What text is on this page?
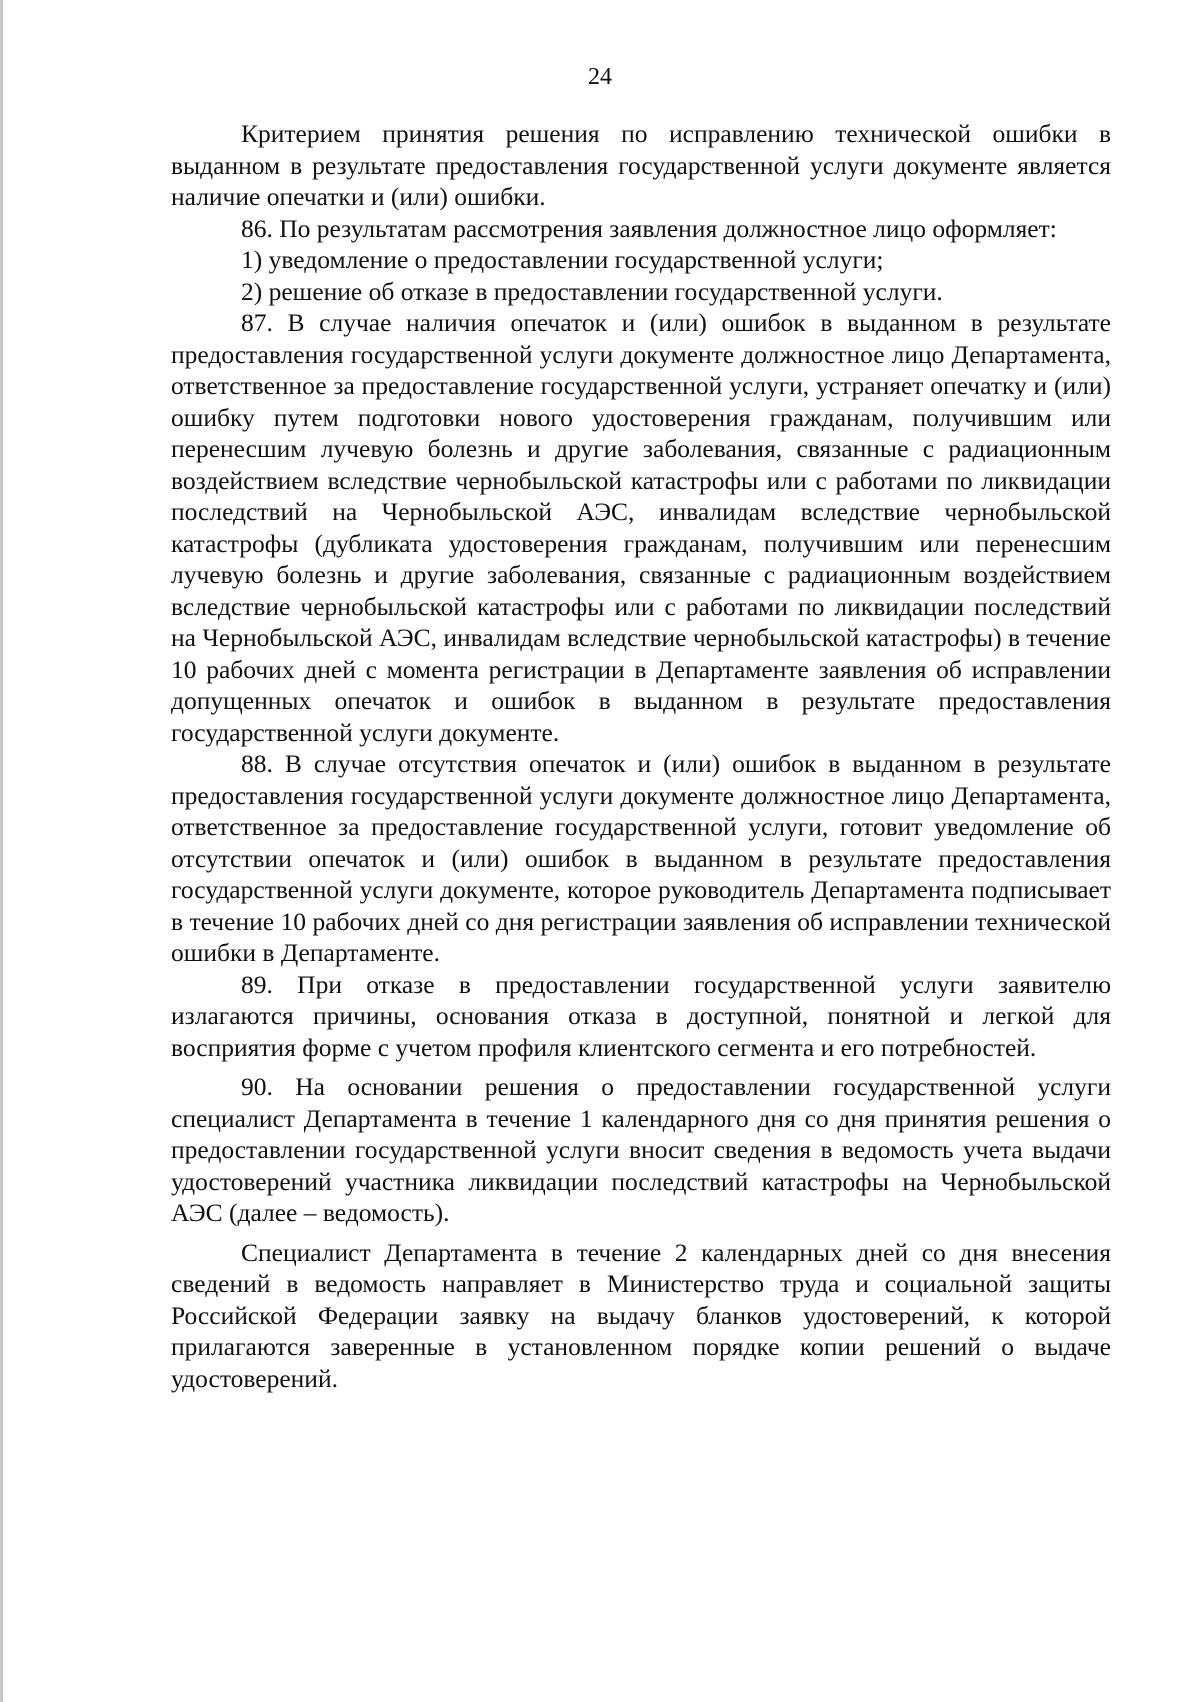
24

Критерием принятия решения по исправлению технической ошибки в выданном в результате предоставления государственной услуги документе является наличие опечатки и (или) ошибки.

86. По результатам рассмотрения заявления должностное лицо оформляет:

1) уведомление о предоставлении государственной услуги;

2) решение об отказе в предоставлении государственной услуги.

87. В случае наличия опечаток и (или) ошибок в выданном в результате предоставления государственной услуги документе должностное лицо Департамента, ответственное за предоставление государственной услуги, устраняет опечатку и (или) ошибку путем подготовки нового удостоверения гражданам, получившим или перенесшим лучевую болезнь и другие заболевания, связанные с радиационным воздействием вследствие чернобыльской катастрофы или с работами по ликвидации последствий на Чернобыльской АЭС, инвалидам вследствие чернобыльской катастрофы (дубликата удостоверения гражданам, получившим или перенесшим лучевую болезнь и другие заболевания, связанные с радиационным воздействием вследствие чернобыльской катастрофы или с работами по ликвидации последствий на Чернобыльской АЭС, инвалидам вследствие чернобыльской катастрофы) в течение 10 рабочих дней с момента регистрации в Департаменте заявления об исправлении допущенных опечаток и ошибок в выданном в результате предоставления государственной услуги документе.

88. В случае отсутствия опечаток и (или) ошибок в выданном в результате предоставления государственной услуги документе должностное лицо Департамента, ответственное за предоставление государственной услуги, готовит уведомление об отсутствии опечаток и (или) ошибок в выданном в результате предоставления государственной услуги документе, которое руководитель Департамента подписывает в течение 10 рабочих дней со дня регистрации заявления об исправлении технической ошибки в Департаменте.

89. При отказе в предоставлении государственной услуги заявителю излагаются причины, основания отказа в доступной, понятной и легкой для восприятия форме с учетом профиля клиентского сегмента и его потребностей.

90. На основании решения о предоставлении государственной услуги специалист Департамента в течение 1 календарного дня со дня принятия решения о предоставлении государственной услуги вносит сведения в ведомость учета выдачи удостоверений участника ликвидации последствий катастрофы на Чернобыльской АЭС (далее – ведомость).

Специалист Департамента в течение 2 календарных дней со дня внесения сведений в ведомость направляет в Министерство труда и социальной защиты Российской Федерации заявку на выдачу бланков удостоверений, к которой прилагаются заверенные в установленном порядке копии решений о выдаче удостоверений.
